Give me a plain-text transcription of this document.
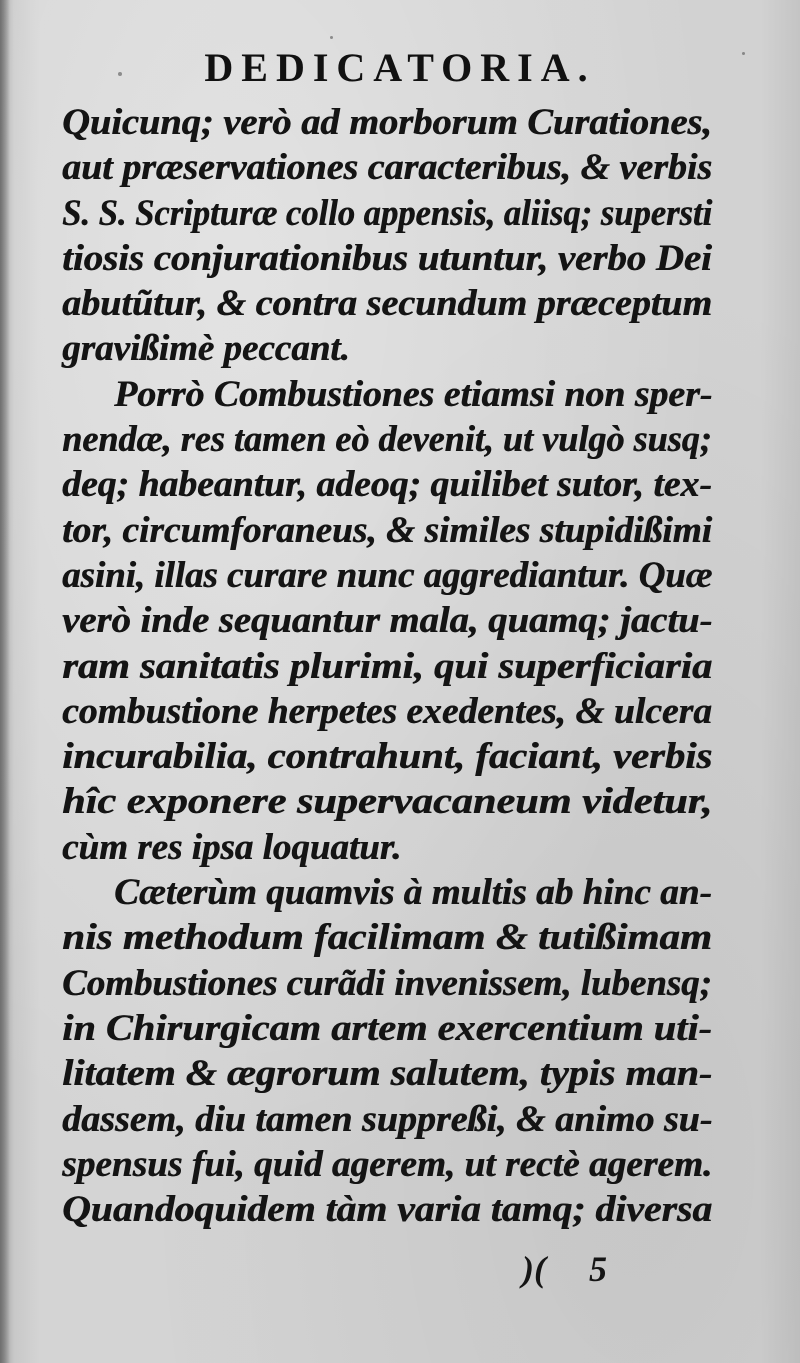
DEDICATORIA.
Quicunq; verò ad morborum Curationes,
aut præservationes caracteribus, & verbis
S. S. Scripturæ collo appensis, aliisq; supersti
tiosis conjurationibus utuntur, verbo Dei
abutũtur, & contra secundum præceptum
gravißimè peccant.
Porrò Combustiones etiamsi non sper-
nendæ, res tamen eò devenit, ut vulgò susq;
deq; habeantur, adeoq; quilibet sutor, tex-
tor, circumforaneus, & similes stupidißimi
asini, illas curare nunc aggrediantur. Quæ
verò inde sequantur mala, quamq; jactu-
ram sanitatis plurimi, qui superficiaria
combustione herpetes exedentes, & ulcera
incurabilia, contrahunt, faciant, verbis
hîc exponere supervacaneum videtur,
cùm res ipsa loquatur.
Cæterùm quamvis à multis ab hinc an-
nis methodum facilimam & tutißimam
Combustiones curãdi invenissem, lubensq;
in Chirurgicam artem exercentium uti-
litatem & ægrorum salutem, typis man-
dassem, diu tamen suppreßi, & animo su-
spensus fui, quid agerem, ut rectè agerem.
Quandoquidem tàm varia tamq; diversa
)( 5
